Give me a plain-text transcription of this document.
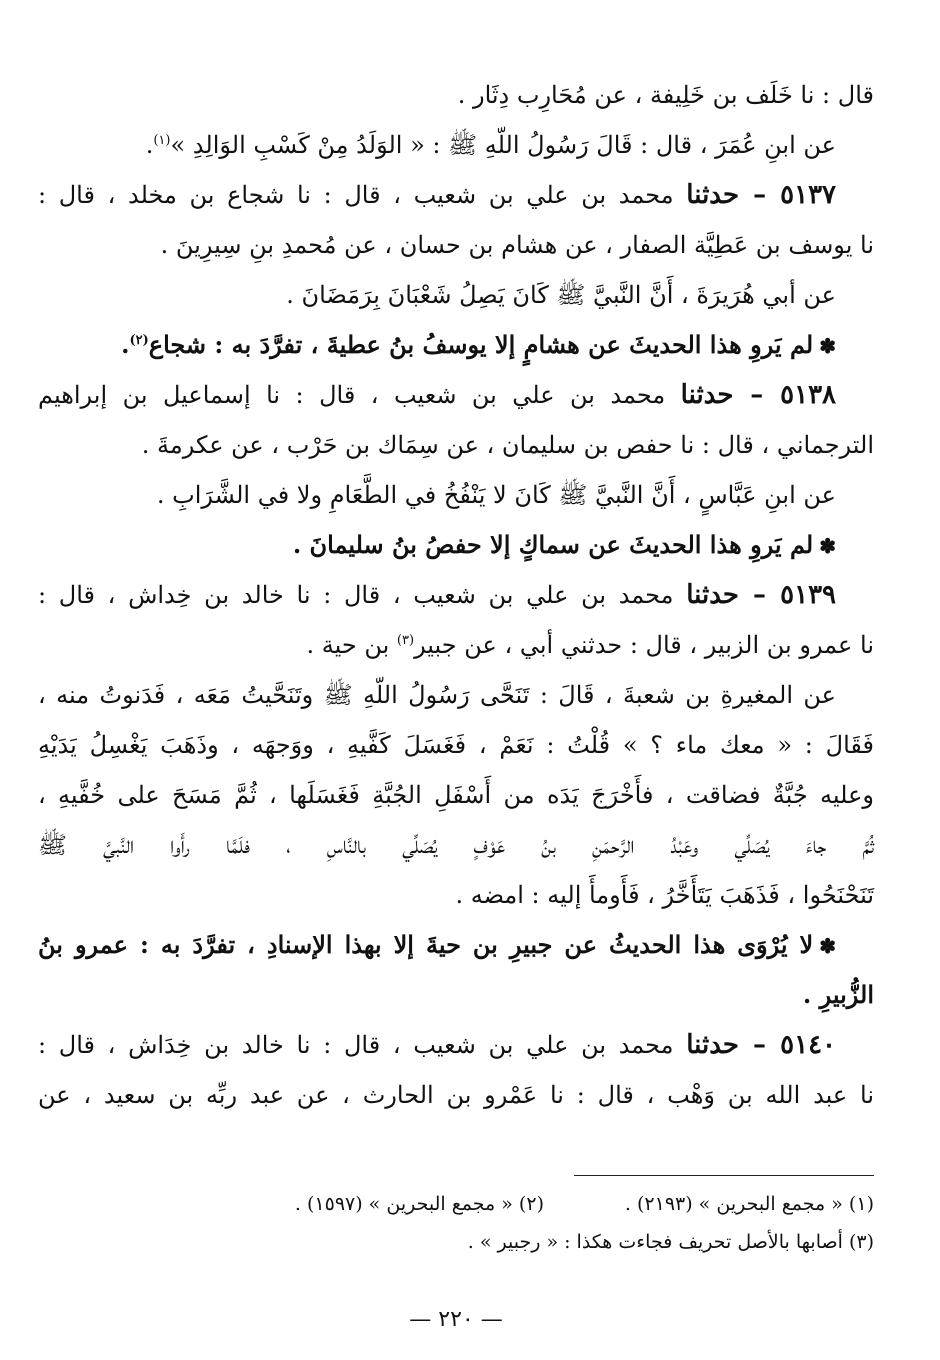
قال : نا خَلَف بن خَلِيفة ، عن مُحَارِب دِثَار .
عن ابنِ عُمَرَ ، قال : قَالَ رَسُولُ اللّهِ ﷺ : « الوَلَدُ مِنْ كَسْبِ الوَالِدِ »$^{(١)}$.
٥١٣٧ – حدثنا محمد بن علي بن شعيب ، قال : نا شجاع بن مخلد ، قال :
نا يوسف بن عَطِيَّة الصفار ، عن هشام بن حسان ، عن مُحمدِ بنِ سِيرِينَ .
عن أبي هُرَيرَةَ ، أَنَّ النَّبيَّ ﷺ كَانَ يَصِلُ شَعْبَانَ بِرَمَضَانَ .
✽لم يَروِ هذا الحديثَ عن هشامٍ إلا يوسفُ بنُ عطيةَ ، تفرَّدَ به : شجاع$^{(٢)}$.
٥١٣٨ – حدثنا محمد بن علي بن شعيب ، قال : نا إسماعيل بن إبراهيم
الترجماني ، قال : نا حفص بن سليمان ، عن سِمَاك بن حَرْب ، عن عكرمةَ .
عن ابنِ عَبَّاسٍ ، أَنَّ النَّبيَّ ﷺ كَانَ لا يَنْفُخُ في الطَّعَامِ ولا في الشَّرَابِ .
✽لم يَروِ هذا الحديثَ عن سماكٍ إلا حفصُ بنُ سليمانَ .
٥١٣٩ – حدثنا محمد بن علي بن شعيب ، قال : نا خالد بن خِداش ، قال :
نا عمرو بن الزبير ، قال : حدثني أبي ، عن جبير$^{(٣)}$ بن حية .
عن المغيرةِ بن شعبةَ ، قَالَ : تَنَحَّى رَسُولُ اللّهِ ﷺ وتَنَحَّيتُ مَعَه ، فَدَنوتُ منه ،
فَقَالَ : « معك ماء ؟ » قُلْتُ : نَعَمْ ، فَغَسَلَ كَفَّيهِ ، ووَجهَه ، وذَهَبَ يَغْسِلُ يَدَيْهِ
وعليه جُبَّةٌ فضاقت ، فأَخْرَجَ يَدَه من أَسْفَلِ الجُبَّةِ فَغَسَلَها ، ثُمَّ مَسَحَ على خُفَّيهِ ،
ثُمَّ جاءَ يُصَلِّي وعَبْدُ الرَّحمَنِ بنُ عَوْفٍ يُصَلِّي بالنَّاسِ ، فلَمَّا رأَوا النَّبيَّ ﷺ
تَنَحْنَحُوا ، فَذَهَبَ يَتَأَخَّرُ ، فَأَومأَ إليه : امضه .
✽لا يُرْوَى هذا الحديثُ عن جبيرِ بن حيةَ إلا بهذا الإسنادِ ، تفرَّدَ به : عمرو بنُ
الزُّبيرِ .
٥١٤٠ – حدثنا محمد بن علي بن شعيب ، قال : نا خالد بن خِدَاش ، قال :
نا عبد الله بن وَهْب ، قال : نا عَمْرو بن الحارث ، عن عبد ربِّه بن سعيد ، عن
(١) « مجمع البحرين » (٢١٩٣) .(٢) « مجمع البحرين » (١٥٩٧) .
(٣) أصابها بالأصل تحريف فجاءت هكذا : « رجبير » .
— ٢٢٠ —
